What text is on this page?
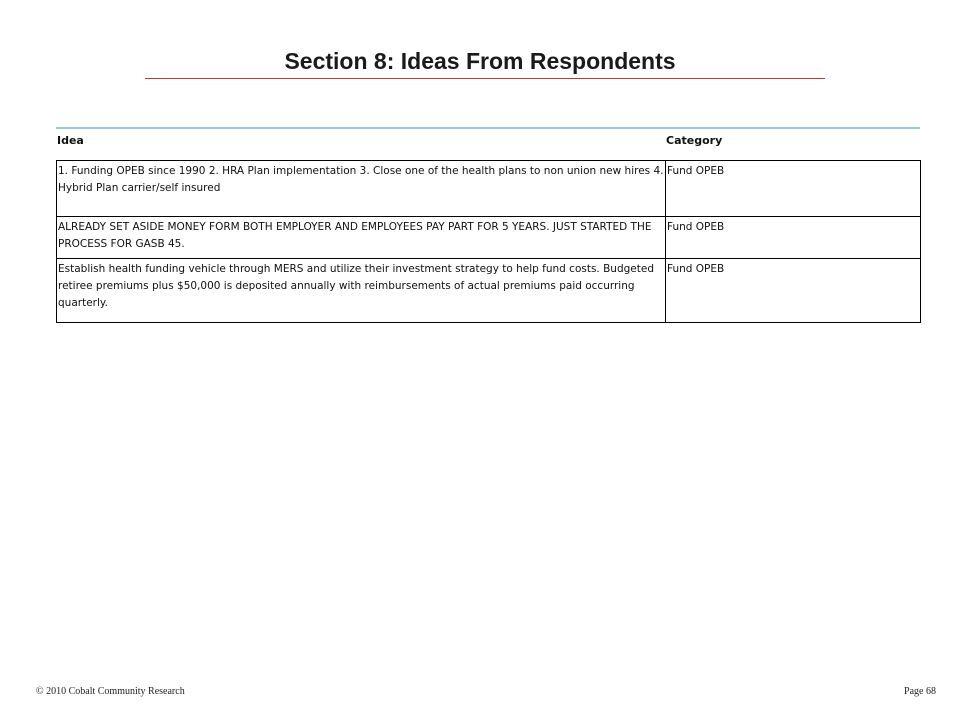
Section 8: Ideas From Respondents
Idea	Category
1. Funding OPEB since 1990 2. HRA Plan implementation 3. Close one of the health plans to non union new hires 4. Hybrid Plan carrier/self insured	Fund OPEB
ALREADY SET ASIDE MONEY FORM BOTH EMPLOYER AND EMPLOYEES PAY PART FOR 5 YEARS. JUST STARTED THE PROCESS FOR GASB 45.	Fund OPEB
Establish health funding vehicle through MERS and utilize their investment strategy to help fund costs. Budgeted retiree premiums plus $50,000 is deposited annually with reimbursements of actual premiums paid occurring quarterly.	Fund OPEB
© 2010 Cobalt Community Research	Page 68
